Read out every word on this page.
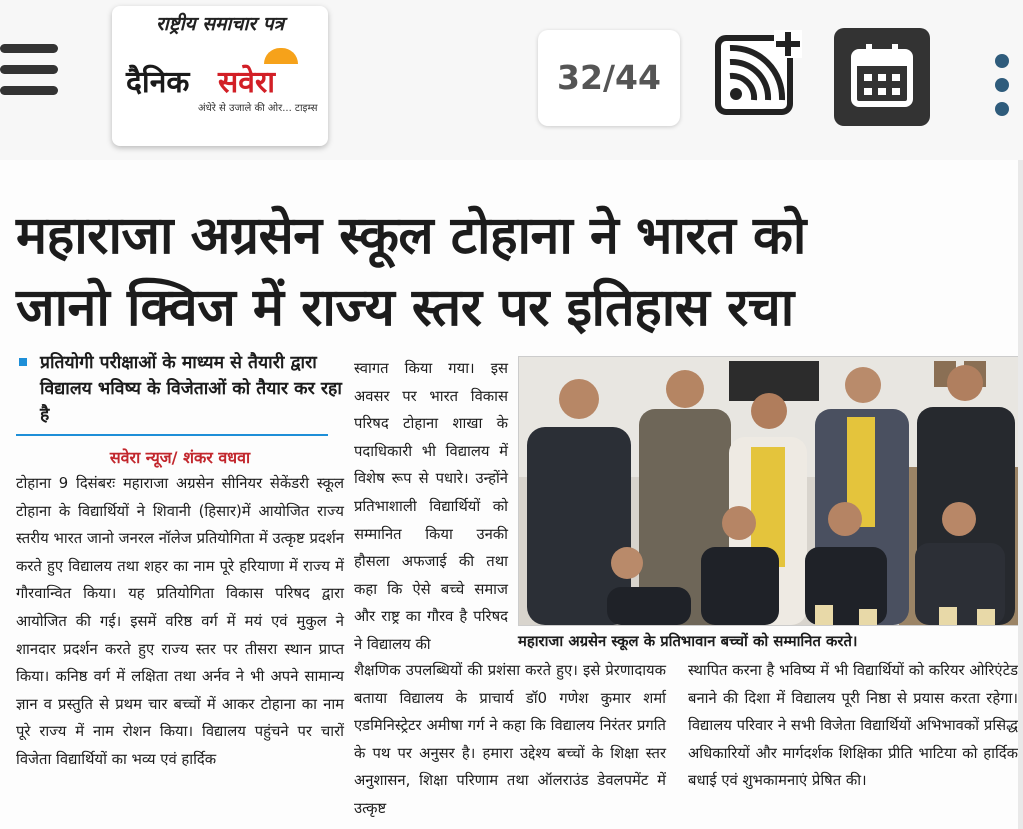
राष्ट्रीय समाचार पत्र
दैनिक सवेरा
अंधेरे से उजाले की ओर... टाइम्स
32/44

महाराजा अग्रसेन स्कूल टोहाना ने भारत को
जानो क्विज में राज्य स्तर पर इतिहास रचा
प्रतियोगी परीक्षाओं के माध्यम से तैयारी द्वारा विद्यालय भविष्य के विजेताओं को तैयार कर रहा है
सवेरा न्यूज/ शंकर वधवा
टोहाना 9 दिसंबरः महाराजा अग्रसेन सीनियर सेकेंडरी स्कूल टोहाना के विद्यार्थियों ने शिवानी (हिसार)में आयोजित राज्य स्तरीय भारत जानो जनरल नॉलेज प्रतियोगिता में उत्कृष्ट प्रदर्शन करते हुए विद्यालय तथा शहर का नाम पूरे हरियाणा में राज्य में गौरवान्वित किया। यह प्रतियोगिता विकास परिषद द्वारा आयोजित की गई। इसमें वरिष्ठ वर्ग में मयं एवं मुकुल ने शानदार प्रदर्शन करते हुए राज्य स्तर पर तीसरा स्थान प्राप्त किया। कनिष्ठ वर्ग में लक्षिता तथा अर्नव ने भी अपने सामान्य ज्ञान व प्रस्तुति से प्रथम चार बच्चों में आकर टोहाना का नाम पूरे राज्य में नाम रोशन किया। विद्यालय पहुंचने पर चारों विजेता विद्यार्थियों का भव्य एवं हार्दिक
स्वागत किया गया। इस अवसर पर भारत विकास परिषद टोहाना शाखा के पदाधिकारी भी विद्यालय में विशेष रूप से पधारे। उन्होंने प्रतिभाशाली विद्यार्थियों को सम्मानित किया उनकी हौसला अफजाई की तथा कहा कि ऐसे बच्चे समाज और राष्ट्र का गौरव है परिषद ने विद्यालय की	महाराजा अग्रसेन स्कूल के प्रतिभावान बच्चों को सम्मानित करते।
शैक्षणिक उपलब्धियों की प्रशंसा करते हुए। इसे प्रेरणादायक बताया विद्यालय के प्राचार्य डॉ0 गणेश कुमार शर्मा एडमिनिस्ट्रेटर अमीषा गर्ग ने कहा कि विद्यालय निरंतर प्रगति के पथ पर अनुसर है। हमारा उद्देश्य बच्चों के शिक्षा स्तर अनुशासन, शिक्षा परिणाम तथा ऑलराउंड डेवलपमेंट में उत्कृष्ट
स्थापित करना है भविष्य में भी विद्यार्थियों को करियर ओरिएंटेड बनाने की दिशा में विद्यालय पूरी निष्ठा से प्रयास करता रहेगा। विद्यालय परिवार ने सभी विजेता विद्यार्थियों अभिभावकों प्रसिद्ध अधिकारियों और मार्गदर्शक शिक्षिका प्रीति भाटिया को हार्दिक बधाई एवं शुभकामनाएं प्रेषित की।
